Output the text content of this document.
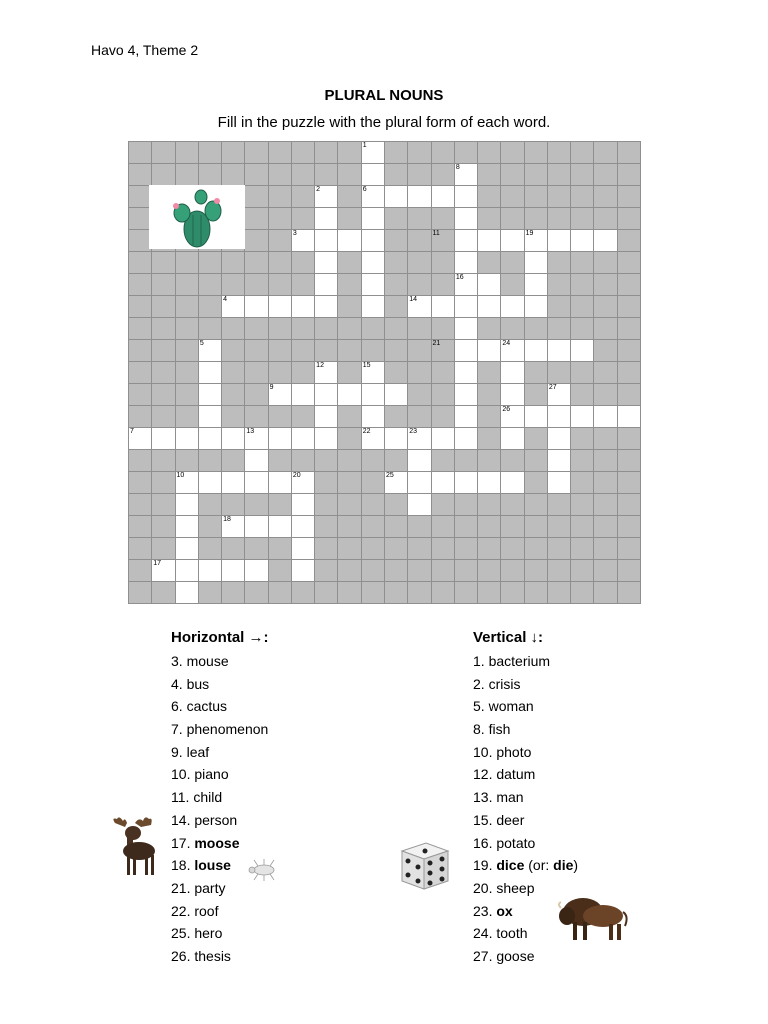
Havo 4, Theme 2
PLURAL NOUNS
Fill in the puzzle with the plural form of each word.
1
8
2	6
3	11	19
16
4	14
5	21	24
12	15
9	27
26
7	13	22	23
10	20	25
18
17
Horizontal →:
3. mouse
4. bus
6. cactus
7. phenomenon
9. leaf
10. piano
11. child
14. person
17. moose
18. louse
21. party
22. roof
25. hero
26. thesis
Vertical ↓:
1. bacterium
2. crisis
5. woman
8. fish
10. photo
12. datum
13. man
15. deer
16. potato
19. dice (or: die)
20. sheep
23. ox
24. tooth
27. goose
